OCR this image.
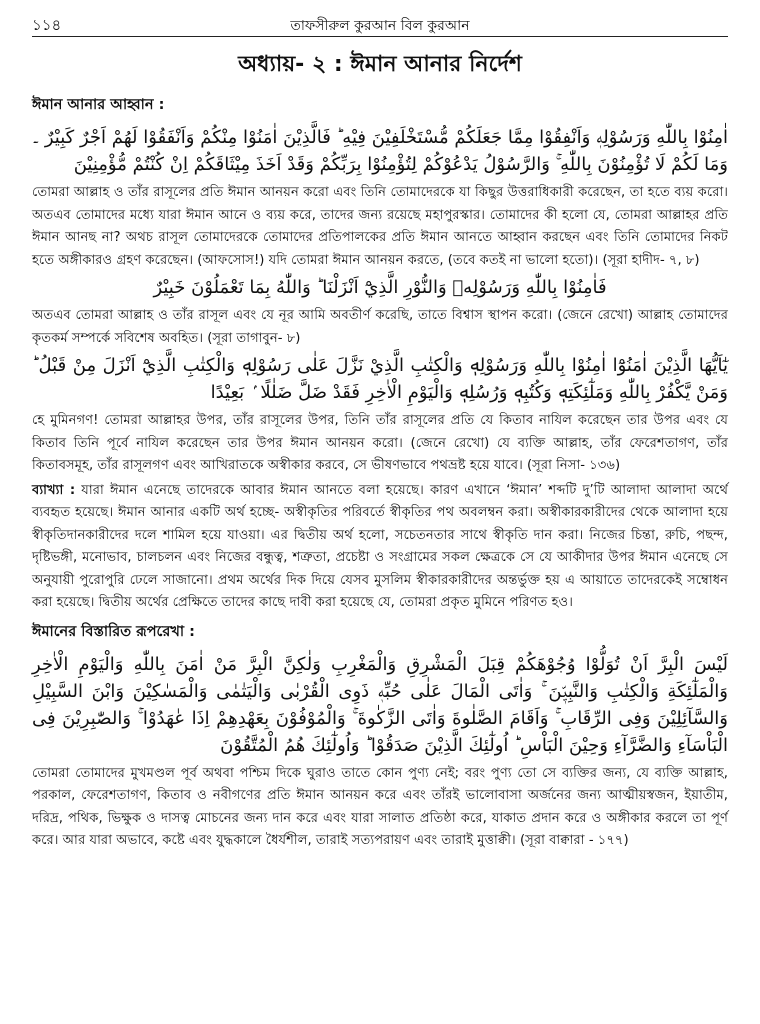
১১৪	তাফসীরুল কুরআন বিল কুরআন
অধ্যায়- ২ : ঈমান আনার নির্দেশ
ঈমান আনার আহ্বান :
اٰمِنُوْا بِاللّٰهِ وَرَسُوْلِهٖ وَاَنْفِقُوْا مِمَّا جَعَلَكُمْ مُّسْتَخْلَفِيْنَ فِيْهِ ؕ فَالَّذِيْنَ اٰمَنُوْا مِنْكُمْ وَاَنْفَقُوْا لَهُمْ اَجْرٌ كَبِيْرٌ ۔ وَمَا لَكُمْ لَا تُؤْمِنُوْنَ بِاللّٰهِ ۚ وَالرَّسُوْلُ يَدْعُوْكُمْ لِتُؤْمِنُوْا بِرَبِّكُمْ وَقَدْ اَخَذَ مِيْثَاقَكُمْ اِنْ كُنْتُمْ مُّؤْمِنِيْنَ

তোমরা আল্লাহ ও তাঁর রাসূলের প্রতি ঈমান আনয়ন করো এবং তিনি তোমাদেরকে যা কিছুর উত্তরাধিকারী করেছেন, তা হতে ব্যয় করো। অতএব তোমাদের মধ্যে যারা ঈমান আনে ও ব্যয় করে, তাদের জন্য রয়েছে মহাপুরস্কার। তোমাদের কী হলো যে, তোমরা আল্লাহর প্রতি ঈমান আনছ না? অথচ রাসূল তোমাদেরকে তোমাদের প্রতিপালকের প্রতি ঈমান আনতে আহ্বান করছেন এবং তিনি তোমাদের নিকট হতে অঙ্গীকারও গ্রহণ করেছেন। (আফসোস!) যদি তোমরা ঈমান আনয়ন করতে, (তবে কতই না ভালো হতো)। (সূরা হাদীদ- ৭, ৮)

فَاٰمِنُوْا بِاللّٰهِ وَرَسُوْلِهٖ وَالنُّوْرِ الَّذِيْٓ اَنْزَلْنَا ؕ وَاللّٰهُ بِمَا تَعْمَلُوْنَ خَبِيْرٌ

অতএব তোমরা আল্লাহ ও তাঁর রাসূল এবং যে নূর আমি অবতীর্ণ করেছি, তাতে বিশ্বাস স্থাপন করো। (জেনে রেখো) আল্লাহ তোমাদের কৃতকর্ম সম্পর্কে সবিশেষ অবহিত। (সূরা তাগাবুন- ৮)

يٰٓاَيُّهَا الَّذِيْنَ اٰمَنُوْٓا اٰمِنُوْا بِاللّٰهِ وَرَسُوْلِهٖ وَالْكِتٰبِ الَّذِيْ نَزَّلَ عَلٰى رَسُوْلِهٖ وَالْكِتٰبِ الَّذِيْٓ اَنْزَلَ مِنْ قَبْلُ ؕ وَمَنْ يَّكْفُرْ بِاللّٰهِ وَمَلٰٓئِكَتِهٖ وَكُتُبِهٖ وَرُسُلِهٖ وَالْيَوْمِ الْاٰخِرِ فَقَدْ ضَلَّ ضَلٰلًا ۢ بَعِيْدًا

হে মুমিনগণ! তোমরা আল্লাহর উপর, তাঁর রাসূলের উপর, তিনি তাঁর রাসূলের প্রতি যে কিতাব নাযিল করেছেন তার উপর এবং যে কিতাব তিনি পূর্বে নাযিল করেছেন তার উপর ঈমান আনয়ন করো। (জেনে রেখো) যে ব্যক্তি আল্লাহ, তাঁর ফেরেশতাগণ, তাঁর কিতাবসমূহ, তাঁর রাসূলগণ এবং আখিরাতকে অস্বীকার করবে, সে ভীষণভাবে পথভ্রষ্ট হয়ে যাবে। (সূরা নিসা- ১৩৬)

ব্যাখ্যা : যারা ঈমান এনেছে তাদেরকে আবার ঈমান আনতে বলা হয়েছে। কারণ এখানে ‘ঈমান’ শব্দটি দু’টি আলাদা আলাদা অর্থে ব্যবহৃত হয়েছে। ঈমান আনার একটি অর্থ হচ্ছে- অস্বীকৃতির পরিবর্তে স্বীকৃতির পথ অবলম্বন করা। অস্বীকারকারীদের থেকে আলাদা হয়ে স্বীকৃতিদানকারীদের দলে শামিল হয়ে যাওয়া। এর দ্বিতীয় অর্থ হলো, সচেতনতার সাথে স্বীকৃতি দান করা। নিজের চিন্তা, রুচি, পছন্দ, দৃষ্টিভঙ্গী, মনোভাব, চালচলন এবং নিজের বন্ধুত্ব, শত্রুতা, প্রচেষ্টা ও সংগ্রামের সকল ক্ষেত্রকে সে যে আকীদার উপর ঈমান এনেছে সে অনুযায়ী পুরোপুরি ঢেলে সাজানো। প্রথম অর্থের দিক দিয়ে যেসব মুসলিম স্বীকারকারীদের অন্তর্ভুক্ত হয় এ আয়াতে তাদেরকেই সম্বোধন করা হয়েছে। দ্বিতীয় অর্থের প্রেক্ষিতে তাদের কাছে দাবী করা হয়েছে যে, তোমরা প্রকৃত মুমিনে পরিণত হও।

ঈমানের বিস্তারিত রূপরেখা :
لَيْسَ الْبِرَّ اَنْ تُوَلُّوْا وُجُوْهَكُمْ قِبَلَ الْمَشْرِقِ وَالْمَغْرِبِ وَلٰكِنَّ الْبِرَّ مَنْ اٰمَنَ بِاللّٰهِ وَالْيَوْمِ الْاٰخِرِ وَالْمَلٰٓئِكَةِ وَالْكِتٰبِ وَالنَّبِيّٖنَ ۚ وَاٰتَى الْمَالَ عَلٰى حُبِّهٖ ذَوِى الْقُرْبٰى وَالْيَتٰمٰى وَالْمَسٰكِيْنَ وَابْنَ السَّبِيْلِ وَالسَّآئِلِيْنَ وَفِى الرِّقَابِ ۚ وَاَقَامَ الصَّلٰوةَ وَاٰتَى الزَّكٰوةَ ۚ وَالْمُوْفُوْنَ بِعَهْدِهِمْ اِذَا عٰهَدُوْا ۚ وَالصّٰبِرِيْنَ فِى الْبَاْسَآءِ وَالضَّرَّآءِ وَحِيْنَ الْبَاْسِ ؕ اُولٰٓئِكَ الَّذِيْنَ صَدَقُوْا ؕ وَاُولٰٓئِكَ هُمُ الْمُتَّقُوْنَ

তোমরা তোমাদের মুখমণ্ডল পূর্ব অথবা পশ্চিম দিকে ঘুরাও তাতে কোন পুণ্য নেই; বরং পুণ্য তো সে ব্যক্তির জন্য, যে ব্যক্তি আল্লাহ, পরকাল, ফেরেশতাগণ, কিতাব ও নবীগণের প্রতি ঈমান আনয়ন করে এবং তাঁরই ভালোবাসা অর্জনের জন্য আত্মীয়স্বজন, ইয়াতীম, দরিদ্র, পথিক, ভিক্ষুক ও দাসত্ব মোচনের জন্য দান করে এবং যারা সালাত প্রতিষ্ঠা করে, যাকাত প্রদান করে ও অঙ্গীকার করলে তা পূর্ণ করে। আর যারা অভাবে, কষ্টে এবং যুদ্ধকালে ধৈর্যশীল, তারাই সত্যপরায়ণ এবং তারাই মুত্তাক্বী। (সূরা বাক্বারা - ১৭৭)
